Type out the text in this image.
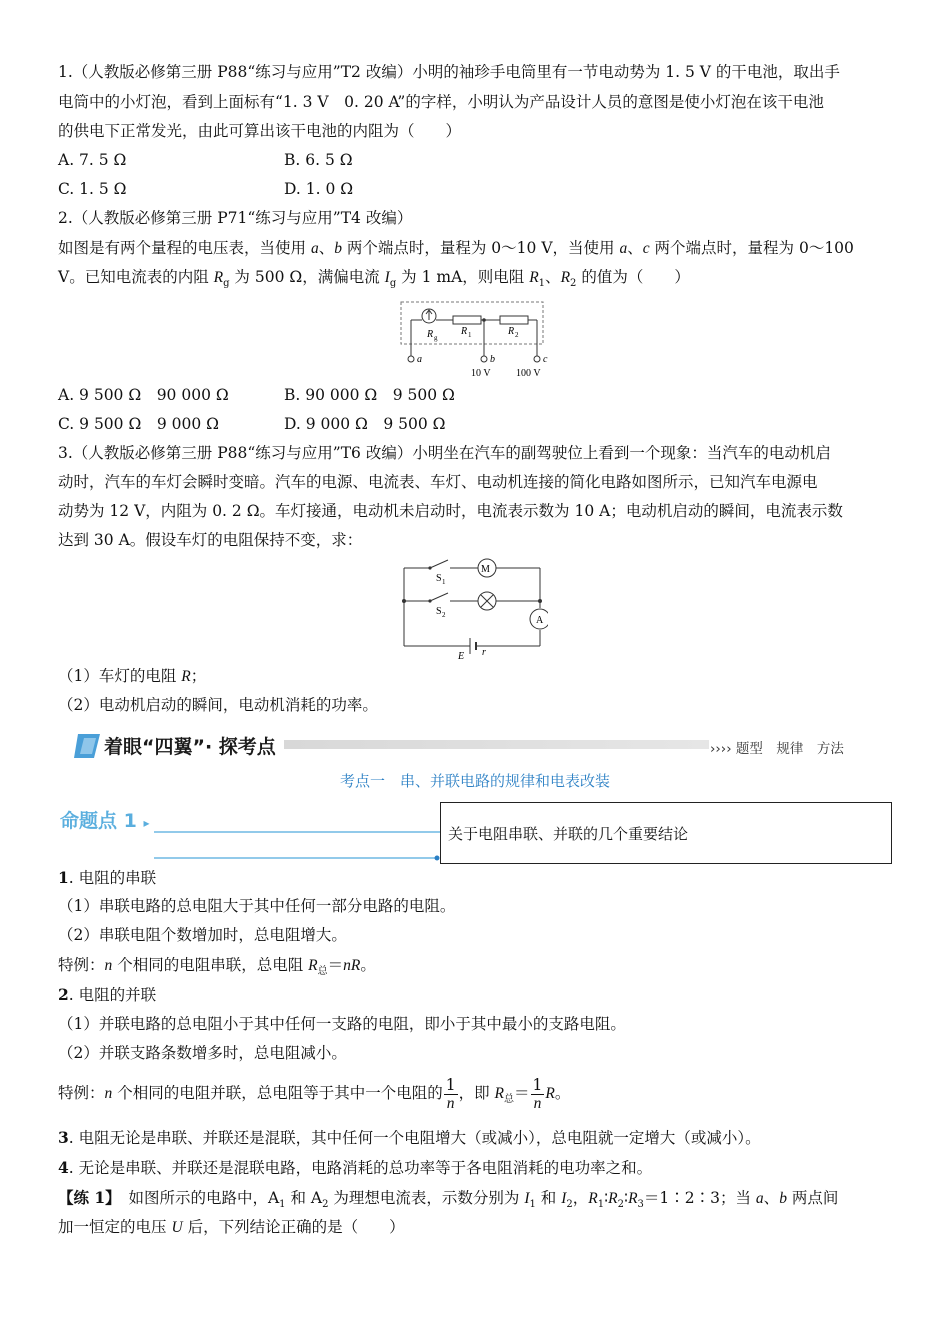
1.（人教版必修第三册 P88“练习与应用”T2 改编）小明的袖珍手电筒里有一节电动势为 1. 5 V 的干电池，取出手
电筒中的小灯泡，看到上面标有“1. 3 V　0. 20 A”的字样，小明认为产品设计人员的意图是使小灯泡在该干电池
的供电下正常发光，由此可算出该干电池的内阻为（　　）
A. 7. 5 Ω	B. 6. 5 Ω
C. 1. 5 Ω	D. 1. 0 Ω
2.（人教版必修第三册 P71“练习与应用”T4 改编）
如图是有两个量程的电压表，当使用 a、b 两个端点时，量程为 0～10 V，当使用 a、c 两个端点时，量程为 0～100
V。已知电流表的内阻 $R_g$ 为 500 Ω，满偏电流 $I_g$ 为 1 mA，则电阻 $R_1$、$R_2$ 的值为（　　）
R g
R 1	R 2
a	b	c
10 V	100 V
A. 9 500 Ω　90 000 Ω	B. 90 000 Ω　9 500 Ω
C. 9 500 Ω　9 000 Ω	D. 9 000 Ω　9 500 Ω
3.（人教版必修第三册 P88“练习与应用”T6 改编）小明坐在汽车的副驾驶位上看到一个现象：当汽车的电动机启
动时，汽车的车灯会瞬时变暗。汽车的电源、电流表、车灯、电动机连接的简化电路如图所示，已知汽车电源电
动势为 12 V，内阻为 0. 2 Ω。车灯接通，电动机未启动时，电流表示数为 10 A；电动机启动的瞬间，电流表示数
达到 30 A。假设车灯的电阻保持不变，求：
M
A
S 1
S 2
E r
（1）车灯的电阻 R；
（2）电动机启动的瞬间，电动机消耗的功率。
着眼“四翼”· 探考点	›››› 题型　规律　方法
考点一　串、并联电路的规律和电表改装
命题点 1 ▸
关于电阻串联、并联的几个重要结论
1. 电阻的串联
（1）串联电路的总电阻大于其中任何一部分电路的电阻。
（2）串联电阻个数增加时，总电阻增大。
特例：n 个相同的电阻串联，总电阻 $R_总=nR$。
2. 电阻的并联
（1）并联电路的总电阻小于其中任何一支路的电阻，即小于其中最小的支路电阻。
（2）并联支路条数增多时，总电阻减小。
特例：n 个相同的电阻并联，总电阻等于其中一个电阻的 $\frac{1}{n}$ ，即 $R_总= \frac{1}{n}$ R。
3. 电阻无论是串联、并联还是混联，其中任何一个电阻增大（或减小），总电阻就一定增大（或减小）。
4. 无论是串联、并联还是混联电路，电路消耗的总功率等于各电阻消耗的电功率之和。
【练 1】　如图所示的电路中，$A_1$ 和 $A_2$ 为理想电流表，示数分别为 $I_1$ 和 $I_2$，$R_1∶R_2∶R_3=1∶2∶3$；当 a、b 两点间
加一恒定的电压 U 后，下列结论正确的是（　　）
